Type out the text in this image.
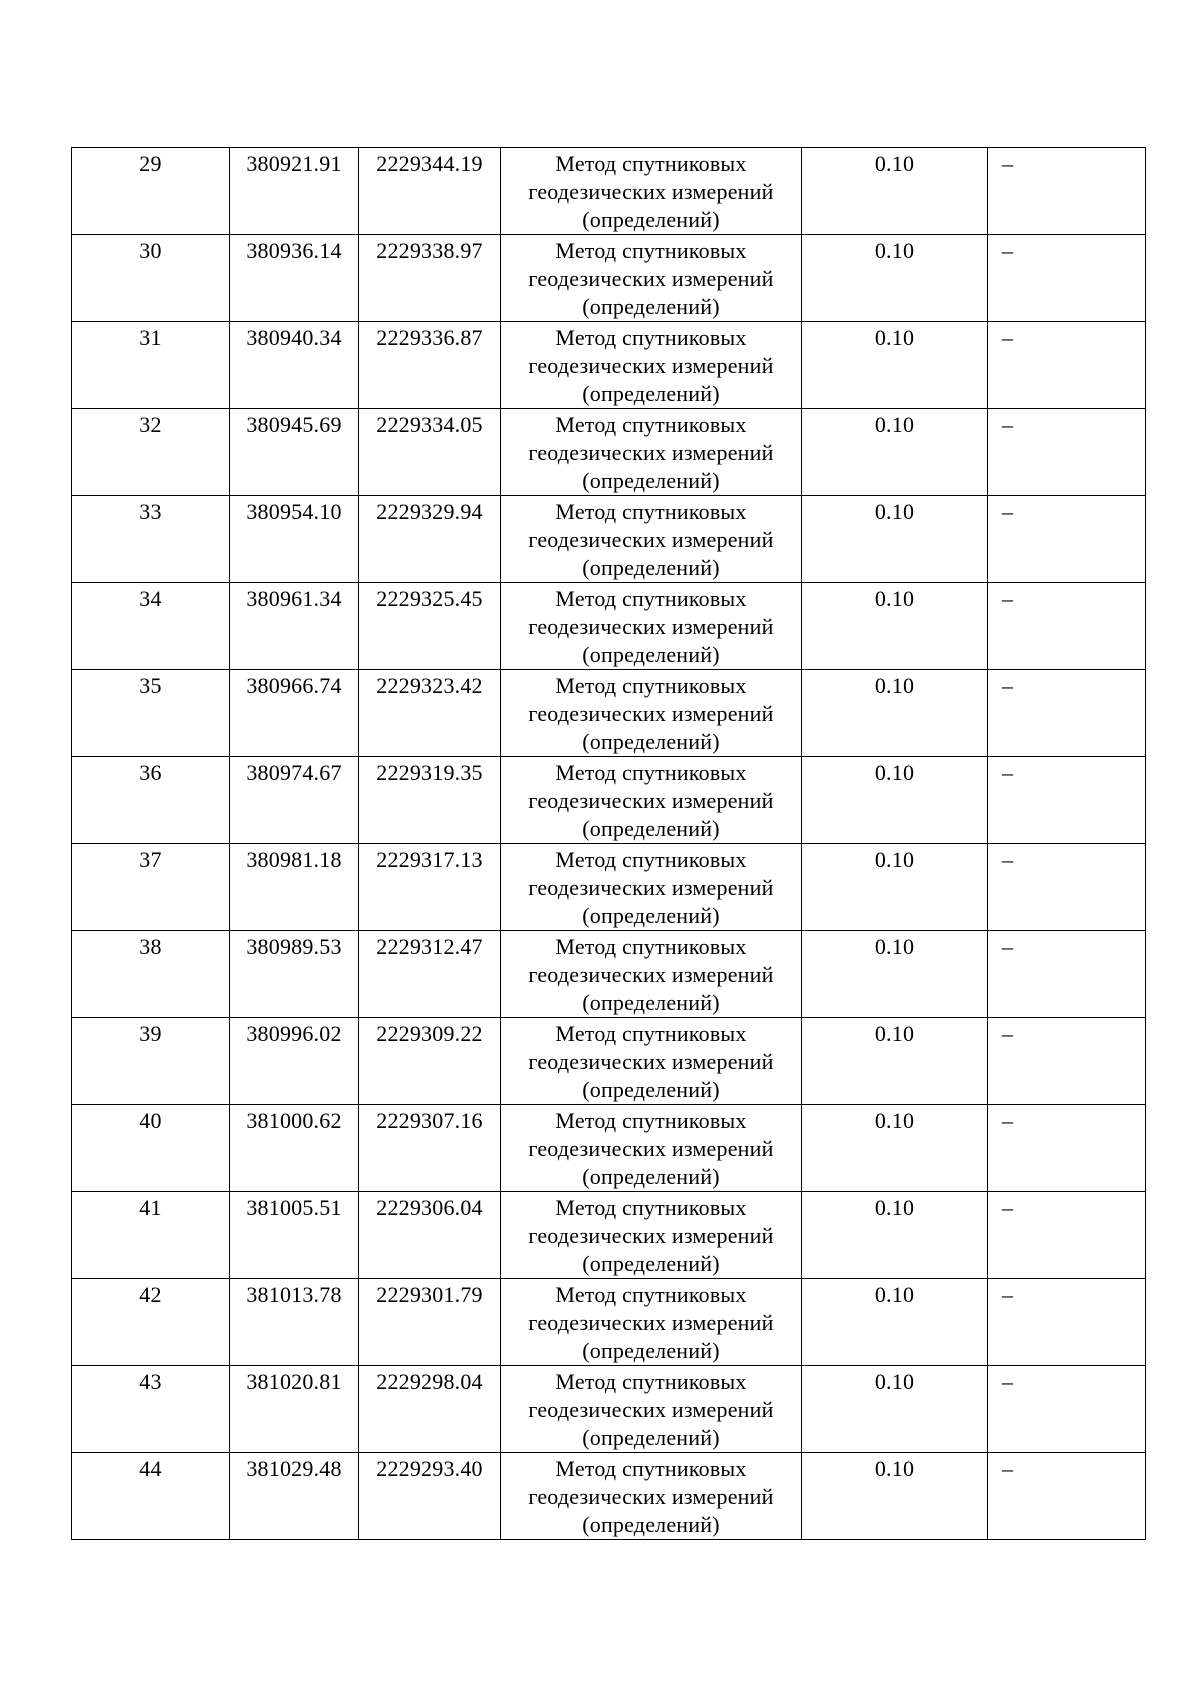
29	380921.91	2229344.19	Метод спутниковых
геодезических измерений
(определений)	0.10	–
30	380936.14	2229338.97	Метод спутниковых
геодезических измерений
(определений)	0.10	–
31	380940.34	2229336.87	Метод спутниковых
геодезических измерений
(определений)	0.10	–
32	380945.69	2229334.05	Метод спутниковых
геодезических измерений
(определений)	0.10	–
33	380954.10	2229329.94	Метод спутниковых
геодезических измерений
(определений)	0.10	–
34	380961.34	2229325.45	Метод спутниковых
геодезических измерений
(определений)	0.10	–
35	380966.74	2229323.42	Метод спутниковых
геодезических измерений
(определений)	0.10	–
36	380974.67	2229319.35	Метод спутниковых
геодезических измерений
(определений)	0.10	–
37	380981.18	2229317.13	Метод спутниковых
геодезических измерений
(определений)	0.10	–
38	380989.53	2229312.47	Метод спутниковых
геодезических измерений
(определений)	0.10	–
39	380996.02	2229309.22	Метод спутниковых
геодезических измерений
(определений)	0.10	–
40	381000.62	2229307.16	Метод спутниковых
геодезических измерений
(определений)	0.10	–
41	381005.51	2229306.04	Метод спутниковых
геодезических измерений
(определений)	0.10	–
42	381013.78	2229301.79	Метод спутниковых
геодезических измерений
(определений)	0.10	–
43	381020.81	2229298.04	Метод спутниковых
геодезических измерений
(определений)	0.10	–
44	381029.48	2229293.40	Метод спутниковых
геодезических измерений
(определений)	0.10	–
